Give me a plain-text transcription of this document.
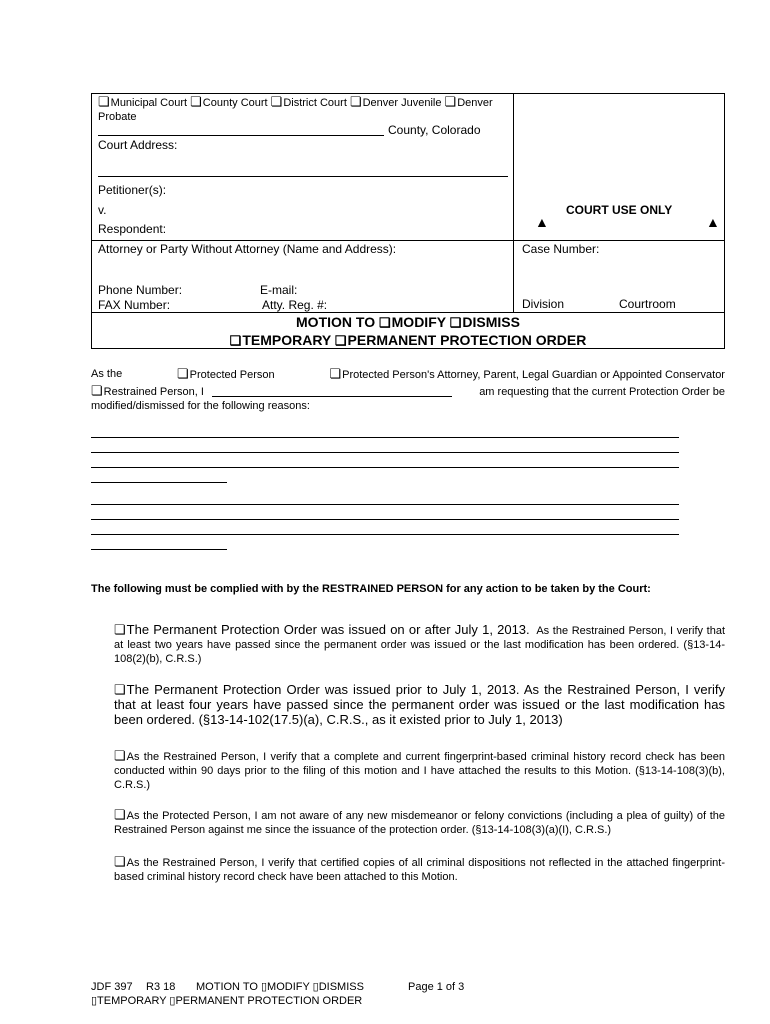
❏ Municipal Court ❏ County Court ❏ District Court ❏ Denver Juvenile ❏ Denver Probate
County, Colorado
Court Address:
Petitioner(s):
v.
Respondent:
COURT USE ONLY
▲	▲
Attorney or Party Without Attorney (Name and Address):
Phone Number:	E-mail:
FAX Number:	Atty. Reg. #:
Case Number:
Division	Courtroom
MOTION TO ❏ MODIFY ❏ DISMISS
❏ TEMPORARY ❏ PERMANENT PROTECTION ORDER
As the	❏ Protected Person	❏ Protected Person's Attorney, Parent, Legal Guardian or Appointed Conservator
❏ Restrained Person, I	am requesting that the current Protection Order be
modified/dismissed for the following reasons:
The following must be complied with by the RESTRAINED PERSON for any action to be taken by the Court:
❏ The Permanent Protection Order was issued on or after July 1, 2013. As the Restrained Person, I verify that at least two years have passed since the permanent order was issued or the last modification has been ordered. (§13-14-108(2)(b), C.R.S.)
❏ The Permanent Protection Order was issued prior to July 1, 2013. As the Restrained Person, I verify that at least four years have passed since the permanent order was issued or the last modification has been ordered. (§13-14-102(17.5)(a), C.R.S., as it existed prior to July 1, 2013)
❏ As the Restrained Person, I verify that a complete and current fingerprint-based criminal history record check has been conducted within 90 days prior to the filing of this motion and I have attached the results to this Motion. (§13-14-108(3)(b), C.R.S.)
❏ As the Protected Person, I am not aware of any new misdemeanor or felony convictions (including a plea of guilty) of the Restrained Person against me since the issuance of the protection order. (§13-14-108(3)(a)(I), C.R.S.)
❏ As the Restrained Person, I verify that certified copies of all criminal dispositions not reflected in the attached fingerprint-based criminal history record check have been attached to this Motion.
JDF 397 R3 18 MOTION TO ▯MODIFY ▯DISMISS	Page 1 of 3
▯TEMPORARY ▯PERMANENT PROTECTION ORDER
